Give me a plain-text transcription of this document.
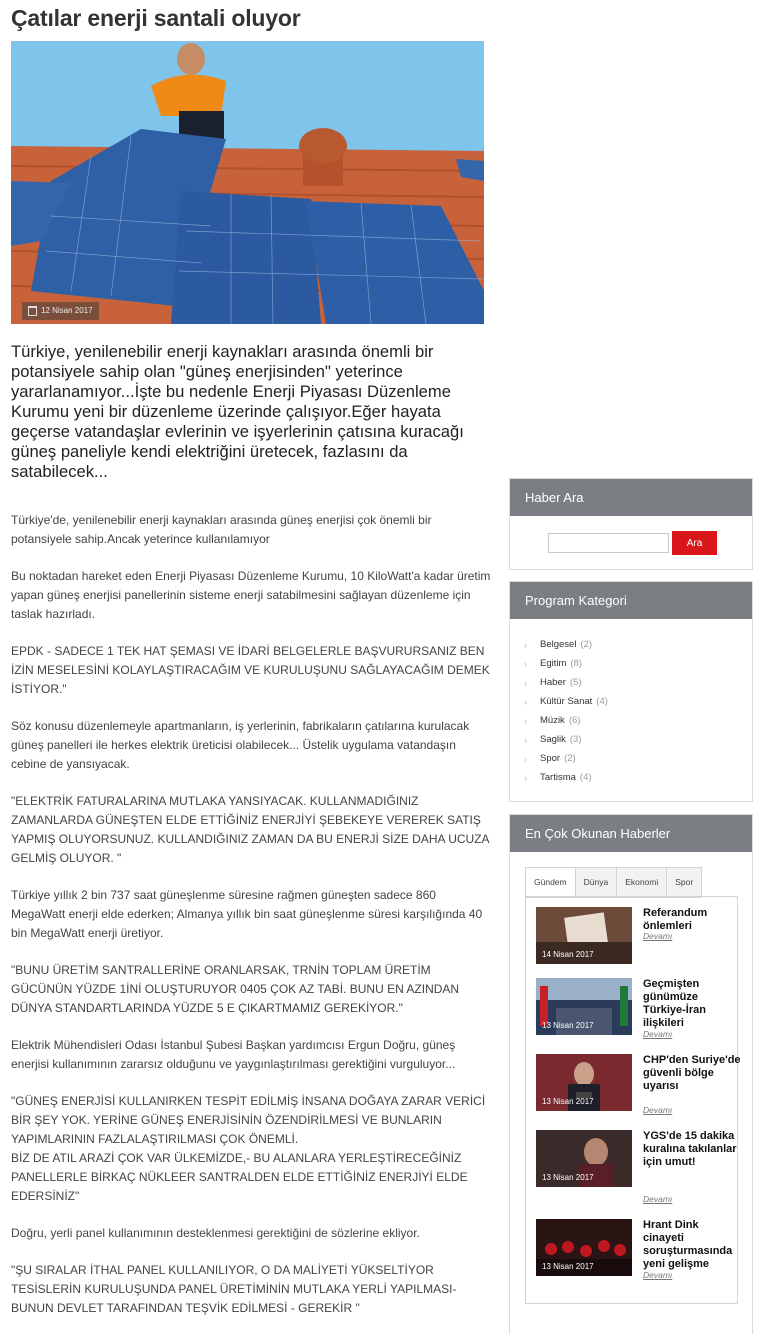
Çatılar enerji santali oluyor
12 Nisan 2017

Türkiye, yenilenebilir enerji kaynakları arasında önemli bir potansiyele sahip olan "güneş enerjisinden" yeterince yararlanamıyor...İşte bu nedenle Enerji Piyasası Düzenleme Kurumu yeni bir düzenleme üzerinde çalışıyor.Eğer hayata geçerse vatandaşlar evlerinin ve işyerlerinin çatısına kuracağı güneş paneliyle kendi elektriğini üretecek, fazlasını da satabilecek...

Türkiye'de, yenilenebilir enerji kaynakları arasında güneş enerjisi çok önemli bir potansiyele sahip.Ancak yeterince kullanılamıyor

Bu noktadan hareket eden Enerji Piyasası Düzenleme Kurumu, 10 KiloWatt'a kadar üretim yapan güneş enerjisi panellerinin sisteme enerji satabilmesini sağlayan düzenleme için taslak hazırladı.

EPDK - SADECE 1 TEK HAT ŞEMASI VE İDARİ BELGELERLE BAŞVURURSANIZ BEN İZİN MESELESİNİ KOLAYLAŞTIRACAĞIM VE KURULUŞUNU SAĞLAYACAĞIM DEMEK İSTİYOR."

Söz konusu düzenlemeyle apartmanların, iş yerlerinin, fabrikaların çatılarına kurulacak güneş panelleri ile herkes elektrik üreticisi olabilecek... Üstelik uygulama vatandaşın cebine de yansıyacak.

"ELEKTRİK FATURALARINA MUTLAKA YANSIYACAK. KULLANMADIĞINIZ ZAMANLARDA GÜNEŞTEN ELDE ETTİĞİNİZ ENERJİYİ ŞEBEKEYE VEREREK SATIŞ YAPMIŞ OLUYORSUNUZ. KULLANDIĞINIZ ZAMAN DA BU ENERJİ SİZE DAHA UCUZA GELMİŞ OLUYOR. "

Türkiye yıllık 2 bin 737 saat güneşlenme süresine rağmen güneşten sadece 860 MegaWatt enerji elde ederken; Almanya yıllık bin saat güneşlenme süresi karşılığında 40 bin MegaWatt enerji üretiyor.

"BUNU ÜRETİM SANTRALLERİNE ORANLARSAK, TRNİN TOPLAM ÜRETİM GÜCÜNÜN YÜZDE 1İNİ OLUŞTURUYOR 0405 ÇOK AZ TABİ. BUNU EN AZINDAN DÜNYA STANDARTLARINDA YÜZDE 5 E ÇIKARTMAMIZ GEREKİYOR."

Elektrik Mühendisleri Odası İstanbul Şubesi Başkan yardımcısı Ergun Doğru, güneş enerjisi kullanımının zararsız olduğunu ve yaygınlaştırılması gerektiğini vurguluyor...

"GÜNEŞ ENERJİSİ KULLANIRKEN TESPİT EDİLMİŞ İNSANA DOĞAYA ZARAR VERİCİ BİR ŞEY YOK. YERİNE GÜNEŞ ENERJİSİNİN ÖZENDİRİLMESİ VE BUNLARIN YAPIMLARININ FAZLALAŞTIRILMASI ÇOK ÖNEMLİ.
BİZ DE ATIL ARAZİ ÇOK VAR ÜLKEMİZDE,- BU ALANLARA YERLEŞTİRECEĞİNİZ PANELLERLE BİRKAÇ NÜKLEER SANTRALDEN ELDE ETTİĞİNİZ ENERJİYİ ELDE EDERSİNİZ"

Doğru, yerli panel kullanımının desteklenmesi gerektiğini de sözlerine ekliyor.

"ŞU SIRALAR İTHAL PANEL KULLANILIYOR, O DA MALİYETİ YÜKSELTİYOR TESİSLERİN KURULUŞUNDA PANEL ÜRETİMİNİN MUTLAKA YERLİ YAPILMASI- BUNUN DEVLET TARAFINDAN TEŞVİK EDİLMESİ - GEREKİR "

Haber Ara
Ara
Program Kategori
›	Belgesel (2)
›	Egitim (8)
›	Haber (5)
›	Kültür Sanat (4)
›	Müzik (6)
›	Saglik (3)
›	Spor (2)
›	Tartisma (4)
En Çok Okunan Haberler
Gündem	Dünya	Ekonomi	Spor
14 Nisan 2017
Referandum önlemleri
Devamı
13 Nisan 2017
Geçmişten günümüze Türkiye-İran ilişkileri
Devamı
13 Nisan 2017
CHP'den Suriye'de güvenli bölge uyarısı
Devamı
13 Nisan 2017
YGS'de 15 dakika kuralına takılanlar için umut!
Devamı
13 Nisan 2017
Hrant Dink cinayeti soruşturmasında yeni gelişme
Devamı
